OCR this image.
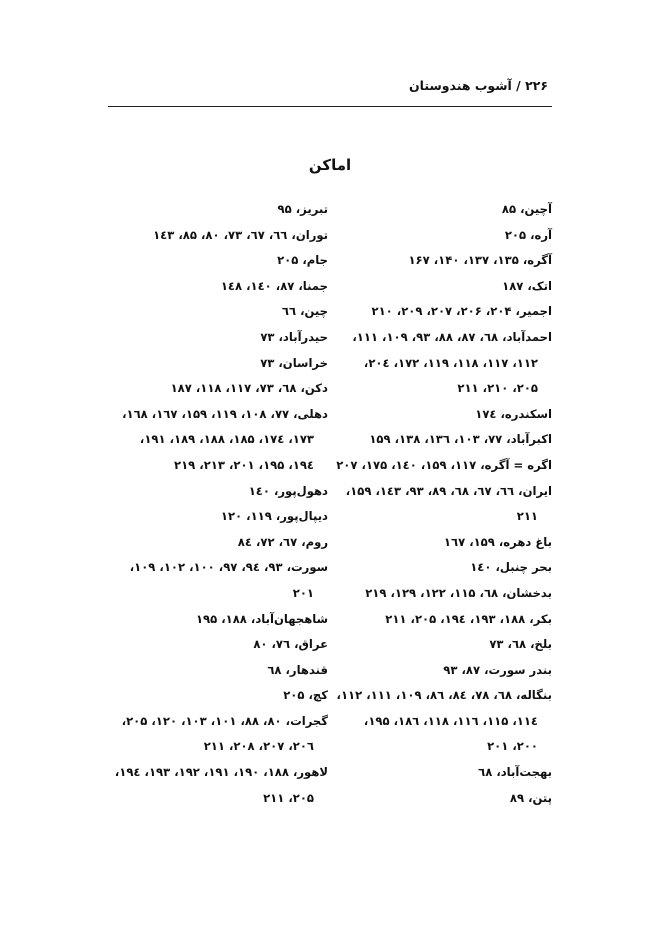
۲۲۶ / آشوب هندوستان
اماکن
آچین، ۸۵
آره، ۲۰۵
آگره، ۱۳۵، ۱۳۷، ۱۴۰، ۱۶۷
اتک، ۱۸۷
اجمیر، ۲۰۴، ۲۰۶، ۲۰۷، ۲۰۹، ۲۱۰
احمدآباد، ٦۸، ۸۷، ۸۸، ۹۳، ۱۰۹، ۱۱۱،
۱۱۲، ۱۱۷، ۱۱۸، ۱۱۹، ۱۷۲، ۲۰٤،
۲۰۵، ۲۱۰، ۲۱۱
اسکندره، ۱۷٤
اکبرآباد، ۷۷، ۱۰۳، ۱۳٦، ۱۳۸، ۱۵۹
اگره = آگره، ۱۱۷، ۱۵۹، ۱٤۰، ۱۷۵، ۲۰۷
ایران، ٦٦، ٦۷، ٦۸، ۸۹، ۹۳، ۱٤۳، ۱۵۹،
۲۱۱
باغ دهره، ۱۵۹، ۱٦۷
بحر چنبل، ۱٤۰
بدخشان، ٦۸، ۱۱۵، ۱۲۲، ۱۲۹، ۲۱۹
بکر، ۱۸۸، ۱۹۳، ۱۹٤، ۲۰۵، ۲۱۱
بلخ، ٦۸، ۷۳
بندر سورت، ۸۷، ۹۳
بنگاله، ٦۸، ۷۸، ۸٤، ۸٦، ۱۰۹، ۱۱۱، ۱۱۲،
۱۱٤، ۱۱۵، ۱۱٦، ۱۱۸، ۱۸٦، ۱۹۵،
۲۰۰، ۲۰۱
بهجت‌آباد، ٦۸
پتن، ۸۹
تبریز، ۹۵
توران، ٦٦، ٦۷، ۷۳، ۸۰، ۸۵، ۱٤۳
جام، ۲۰۵
جمنا، ۸۷، ۱٤۰، ۱٤۸
چین، ٦٦
حیدرآباد، ۷۳
خراسان، ۷۳
دکن، ٦۸، ۷۳، ۱۱۷، ۱۱۸، ۱۸۷
دهلی، ۷۷، ۱۰۸، ۱۱۹، ۱۵۹، ۱٦۷، ۱٦۸،
۱۷۳، ۱۷٤، ۱۸۵، ۱۸۸، ۱۸۹، ۱۹۱،
۱۹٤، ۱۹۵، ۲۰۱، ۲۱۳، ۲۱۹
دهول‌پور، ۱٤۰
دیپال‌پور، ۱۱۹، ۱۲۰
روم، ٦۷، ۷۲، ۸٤
سورت، ۹۳، ۹٤، ۹۷، ۱۰۰، ۱۰۲، ۱۰۹،
۲۰۱
شاهجهان‌آباد، ۱۸۸، ۱۹۵
عراق، ۷٦، ۸۰
قندهار، ٦۸
کچ، ۲۰۵
گجرات، ۸۰، ۸۸، ۱۰۱، ۱۰۳، ۱۲۰، ۲۰۵،
۲۰٦، ۲۰۷، ۲۰۸، ۲۱۱
لاهور، ۱۸۸، ۱۹۰، ۱۹۱، ۱۹۲، ۱۹۳، ۱۹٤،
۲۰۵، ۲۱۱
